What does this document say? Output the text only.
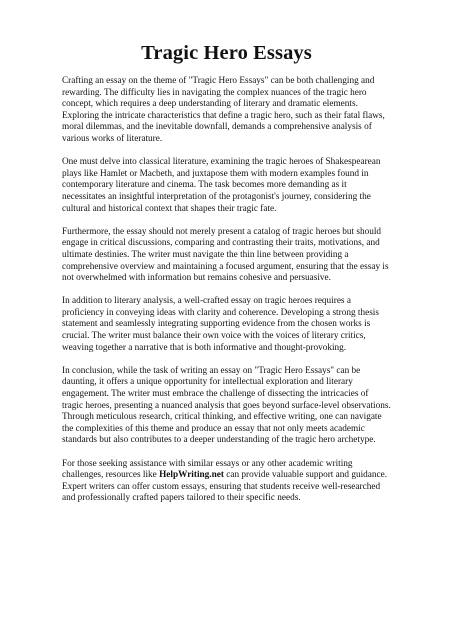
Tragic Hero Essays

Crafting an essay on the theme of "Tragic Hero Essays" can be both challenging and rewarding. The difficulty lies in navigating the complex nuances of the tragic hero concept, which requires a deep understanding of literary and dramatic elements. Exploring the intricate characteristics that define a tragic hero, such as their fatal flaws, moral dilemmas, and the inevitable downfall, demands a comprehensive analysis of various works of literature.

One must delve into classical literature, examining the tragic heroes of Shakespearean plays like Hamlet or Macbeth, and juxtapose them with modern examples found in contemporary literature and cinema. The task becomes more demanding as it necessitates an insightful interpretation of the protagonist's journey, considering the cultural and historical context that shapes their tragic fate.

Furthermore, the essay should not merely present a catalog of tragic heroes but should engage in critical discussions, comparing and contrasting their traits, motivations, and ultimate destinies. The writer must navigate the thin line between providing a comprehensive overview and maintaining a focused argument, ensuring that the essay is not overwhelmed with information but remains cohesive and persuasive.

In addition to literary analysis, a well-crafted essay on tragic heroes requires a proficiency in conveying ideas with clarity and coherence. Developing a strong thesis statement and seamlessly integrating supporting evidence from the chosen works is crucial. The writer must balance their own voice with the voices of literary critics, weaving together a narrative that is both informative and thought-provoking.

In conclusion, while the task of writing an essay on "Tragic Hero Essays" can be daunting, it offers a unique opportunity for intellectual exploration and literary engagement. The writer must embrace the challenge of dissecting the intricacies of tragic heroes, presenting a nuanced analysis that goes beyond surface-level observations. Through meticulous research, critical thinking, and effective writing, one can navigate the complexities of this theme and produce an essay that not only meets academic standards but also contributes to a deeper understanding of the tragic hero archetype.

For those seeking assistance with similar essays or any other academic writing challenges, resources like HelpWriting.net can provide valuable support and guidance. Expert writers can offer custom essays, ensuring that students receive well-researched and professionally crafted papers tailored to their specific needs.
